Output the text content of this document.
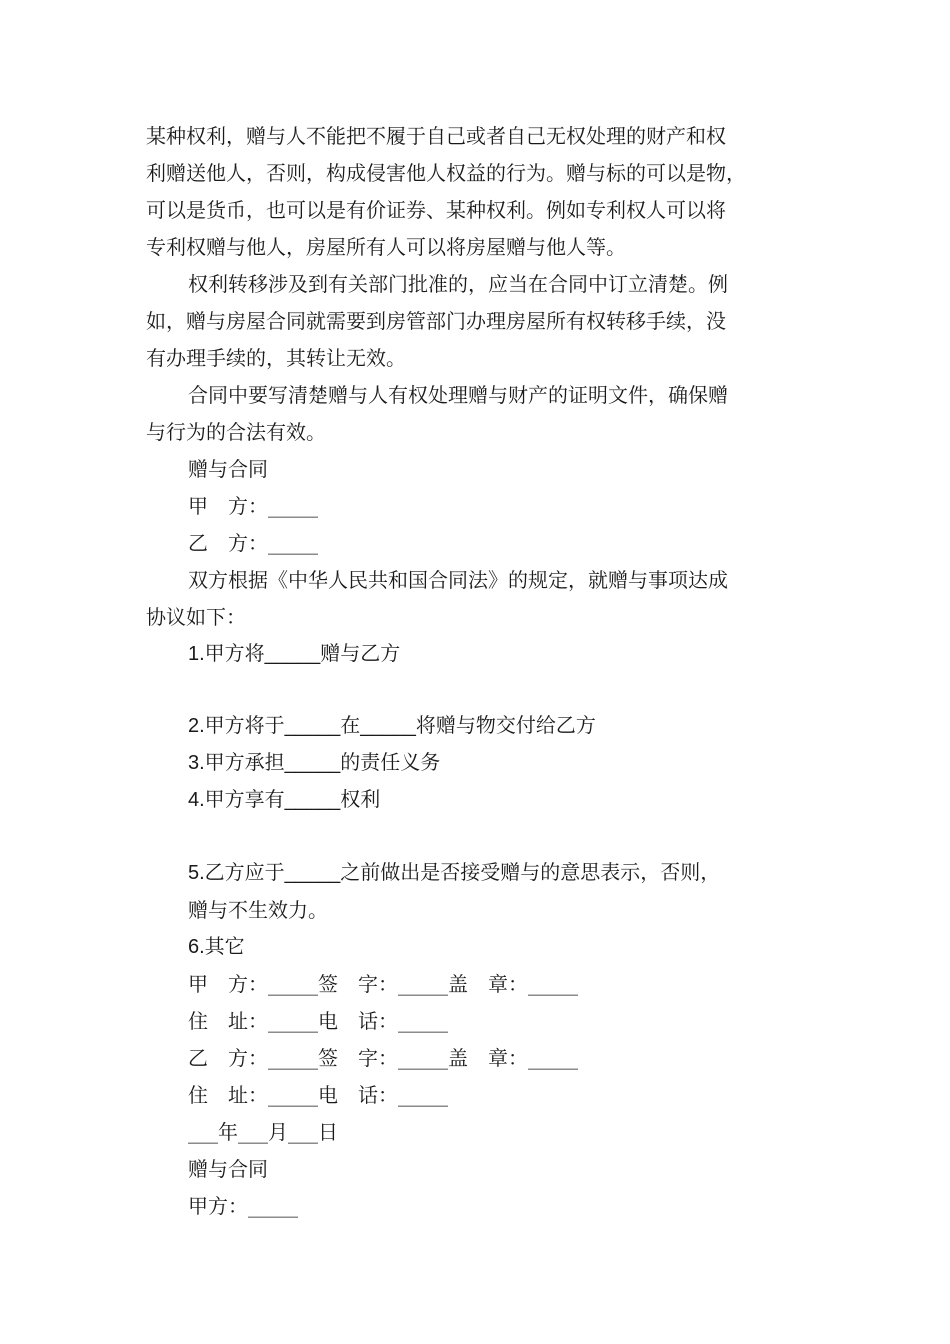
某种权利，赠与人不能把不履于自己或者自己无权处理的财产和权
利赠送他人，否则，构成侵害他人权益的行为。赠与标的可以是物，
可以是货币，也可以是有价证券、某种权利。例如专利权人可以将
专利权赠与他人，房屋所有人可以将房屋赠与他人等。
权利转移涉及到有关部门批准的，应当在合同中订立清楚。例
如，赠与房屋合同就需要到房管部门办理房屋所有权转移手续，没
有办理手续的，其转让无效。
合同中要写清楚赠与人有权处理赠与财产的证明文件，确保赠
与行为的合法有效。
赠与合同
甲　方：_____
乙　方：_____
双方根据《中华人民共和国合同法》的规定，就赠与事项达成
协议如下：
1.甲方将_____赠与乙方
2.甲方将于_____在_____将赠与物交付给乙方
3.甲方承担_____的责任义务
4.甲方享有_____权利
5.乙方应于_____之前做出是否接受赠与的意思表示，否则，
赠与不生效力。
6.其它
甲　方：_____签　字：_____盖　章：_____
住　址：_____电　话：_____
乙　方：_____签　字：_____盖　章：_____
住　址：_____电　话：_____
___年___月___日
赠与合同
甲方：_____
